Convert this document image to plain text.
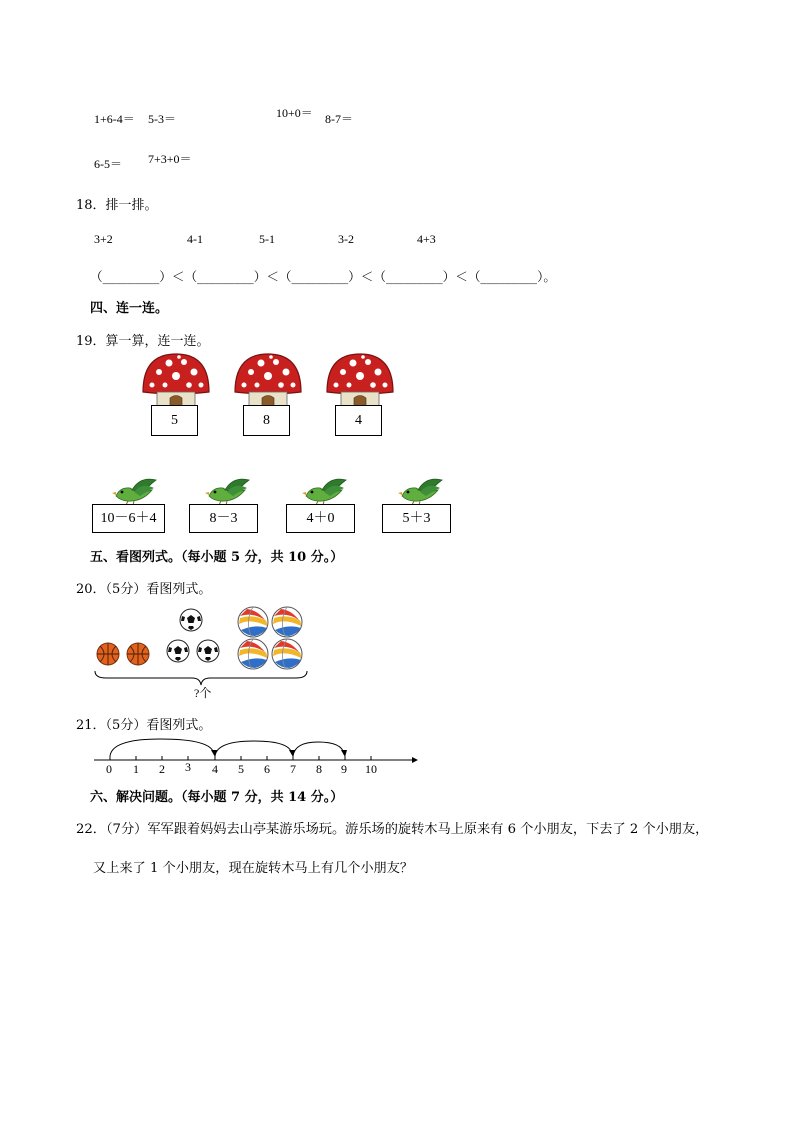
1+6-4＝ 5-3＝	10+0＝ 8-7＝
6-5＝ 7+3+0＝
18．排一排。
3+2	4-1	5-1	3-2	4+3
（_________）＜（_________）＜（_________）＜（_________）＜（_________）。
四、连一连。
19．算一算，连一连。
5	8	4
10－6＋4	8－3	4＋0	5＋3
五、看图列式。（每小题 5 分，共 10 分。）
20．（5分）看图列式。
?个
21．（5分）看图列式。
0 1 2 3 4 5 6 7 8 9 10
六、解决问题。（每小题 7 分，共 14 分。）
22．（7分）军军跟着妈妈去山亭某游乐场玩。游乐场的旋转木马上原来有 6 个小朋友，下去了 2 个小朋友，
又上来了 1 个小朋友，现在旋转木马上有几个小朋友？
